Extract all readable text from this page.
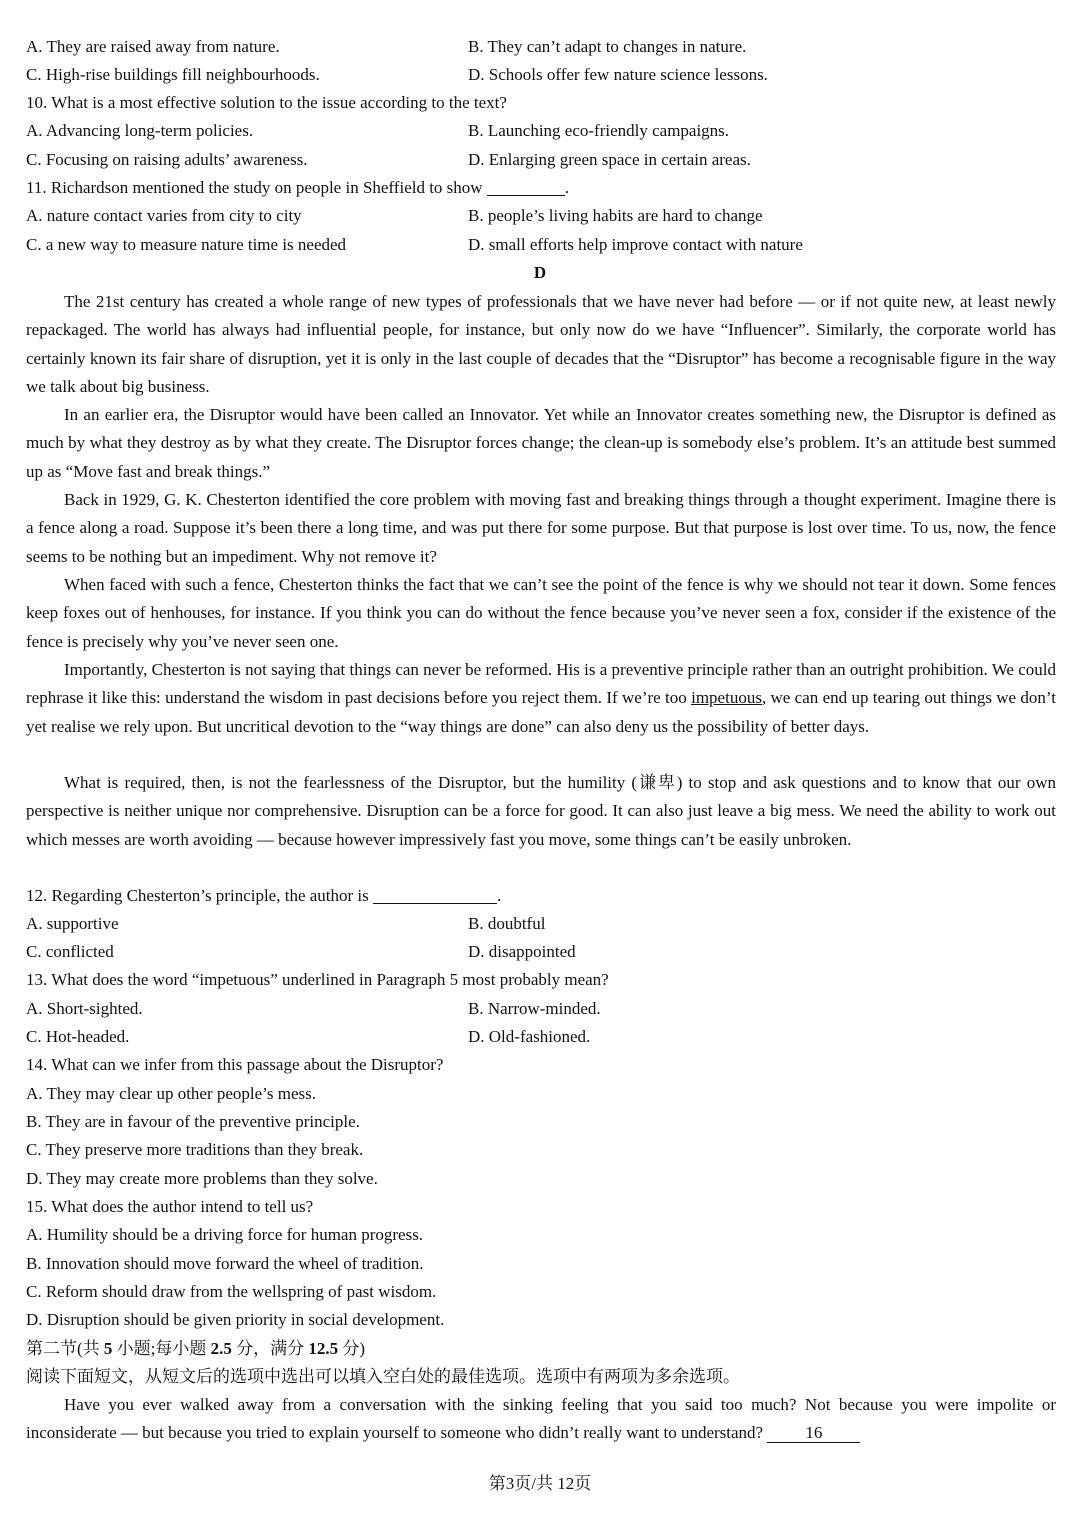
A. They are raised away from nature.	B. They can’t adapt to changes in nature.
C. High-rise buildings fill neighbourhoods.	D. Schools offer few nature science lessons.
10. What is a most effective solution to the issue according to the text?
A. Advancing long-term policies.	B. Launching eco-friendly campaigns.
C. Focusing on raising adults’ awareness.	D. Enlarging green space in certain areas.
11. Richardson mentioned the study on people in Sheffield to show	.
A. nature contact varies from city to city	B. people’s living habits are hard to change
C. a new way to measure nature time is needed	D. small efforts help improve contact with nature
D

The 21st century has created a whole range of new types of professionals that we have never had before — or if not quite new, at least newly repackaged. The world has always had influential people, for instance, but only now do we have “Influencer”. Similarly, the corporate world has certainly known its fair share of disruption, yet it is only in the last couple of decades that the “Disruptor” has become a recognisable figure in the way we talk about big business.

In an earlier era, the Disruptor would have been called an Innovator. Yet while an Innovator creates something new, the Disruptor is defined as much by what they destroy as by what they create. The Disruptor forces change; the clean-up is somebody else’s problem. It’s an attitude best summed up as “Move fast and break things.”

Back in 1929, G. K. Chesterton identified the core problem with moving fast and breaking things through a thought experiment. Imagine there is a fence along a road. Suppose it’s been there a long time, and was put there for some purpose. But that purpose is lost over time. To us, now, the fence seems to be nothing but an impediment. Why not remove it?

When faced with such a fence, Chesterton thinks the fact that we can’t see the point of the fence is why we should not tear it down. Some fences keep foxes out of henhouses, for instance. If you think you can do without the fence because you’ve never seen a fox, consider if the existence of the fence is precisely why you’ve never seen one.

Importantly, Chesterton is not saying that things can never be reformed. His is a preventive principle rather than an outright prohibition. We could rephrase it like this: understand the wisdom in past decisions before you reject them. If we’re too impetuous, we can end up tearing out things we don’t yet realise we rely upon. But uncritical devotion to the “way things are done” can also deny us the possibility of better days.

What is required, then, is not the fearlessness of the Disruptor, but the humility (谦卑) to stop and ask questions and to know that our own perspective is neither unique nor comprehensive. Disruption can be a force for good. It can also just leave a big mess. We need the ability to work out which messes are worth avoiding — because however impressively fast you move, some things can’t be easily unbroken.

12. Regarding Chesterton’s principle, the author is	.
A. supportive	B. doubtful
C. conflicted	D. disappointed
13. What does the word “impetuous” underlined in Paragraph 5 most probably mean?
A. Short-sighted.	B. Narrow-minded.
C. Hot-headed.	D. Old-fashioned.
14. What can we infer from this passage about the Disruptor?
A. They may clear up other people’s mess.
B. They are in favour of the preventive principle.
C. They preserve more traditions than they break.
D. They may create more problems than they solve.
15. What does the author intend to tell us?
A. Humility should be a driving force for human progress.
B. Innovation should move forward the wheel of tradition.
C. Reform should draw from the wellspring of past wisdom.
D. Disruption should be given priority in social development.
第二节(共 5 小题;每小题 2.5 分，满分 12.5 分)
阅读下面短文，从短文后的选项中选出可以填入空白处的最佳选项。选项中有两项为多余选项。

Have you ever walked away from a conversation with the sinking feeling that you said too much? Not because you were impolite or inconsiderate — but because you tried to explain yourself to someone who didn’t really want to understand? 16

第3页/共 12页
